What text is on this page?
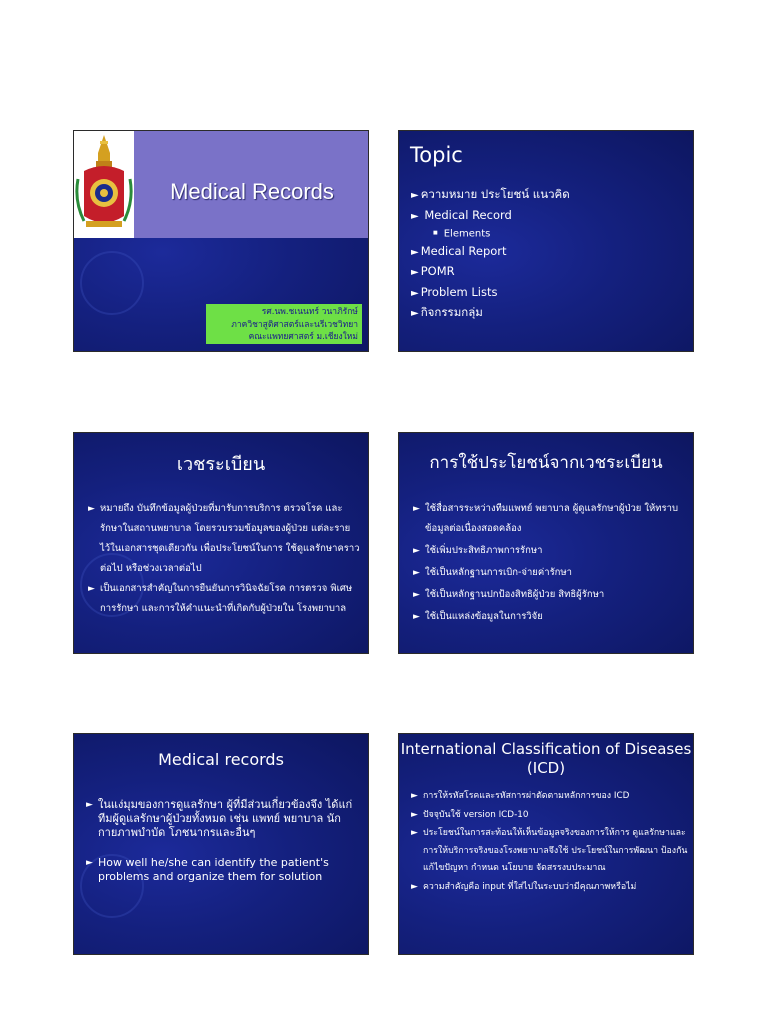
Medical Records
รศ.นพ.ชเนนทร์ วนาภิรักษ์
ภาควิชาสูติศาสตร์และนรีเวชวิทยา
คณะแพทยศาสตร์ ม.เชียงใหม่
Topic
► ความหมาย ประโยชน์ แนวคิด
► Medical Record
■ Elements
► Medical Report
► POMR
► Problem Lists
► กิจกรรมกลุ่ม
เวชระเบียน
► หมายถึง บันทึกข้อมูลผู้ป่วยที่มารับการบริการ ตรวจโรค และรักษาในสถานพยาบาล โดยรวบรวมข้อมูลของผู้ป่วย แต่ละรายไว้ในเอกสารชุดเดียวกัน เพื่อประโยชน์ในการ ใช้ดูแลรักษาคราวต่อไป หรือช่วงเวลาต่อไป
► เป็นเอกสารสำคัญในการยืนยันการวินิจฉัยโรค การตรวจ พิเศษ การรักษา และการให้คำแนะนำที่เกิดกับผู้ป่วยใน โรงพยาบาล
การใช้ประโยชน์จากเวชระเบียน
► ใช้สื่อสารระหว่างทีมแพทย์ พยาบาล ผู้ดูแลรักษาผู้ป่วย ให้ทราบข้อมูลต่อเนื่องสอดคล้อง
► ใช้เพิ่มประสิทธิภาพการรักษา
► ใช้เป็นหลักฐานการเบิก-จ่ายค่ารักษา
► ใช้เป็นหลักฐานปกป้องสิทธิผู้ป่วย สิทธิผู้รักษา
► ใช้เป็นแหล่งข้อมูลในการวิจัย
Medical records
► ในแง่มุมของการดูแลรักษา ผู้ที่มีส่วนเกี่ยวข้องจึง ได้แก่ ทีมผู้ดูแลรักษาผู้ป่วยทั้งหมด เช่น แพทย์ พยาบาล นักกายภาพบำบัด โภชนากรและอื่นๆ
► How well he/she can identify the patient's problems and organize them for solution
International Classification of Diseases (ICD)
► การให้รหัสโรคและรหัสการผ่าตัดตามหลักการของ ICD
► ปัจจุบันใช้ version ICD-10
► ประโยชน์ในการสะท้อนให้เห็นข้อมูลจริงของการให้การ ดูแลรักษาและการให้บริการจริงของโรงพยาบาลจึงใช้ ประโยชน์ในการพัฒนา ป้องกัน แก้ไขปัญหา กำหนด นโยบาย จัดสรรงบประมาณ
► ความสำคัญคือ input ที่ใส่ไปในระบบว่ามีคุณภาพหรือไม่
